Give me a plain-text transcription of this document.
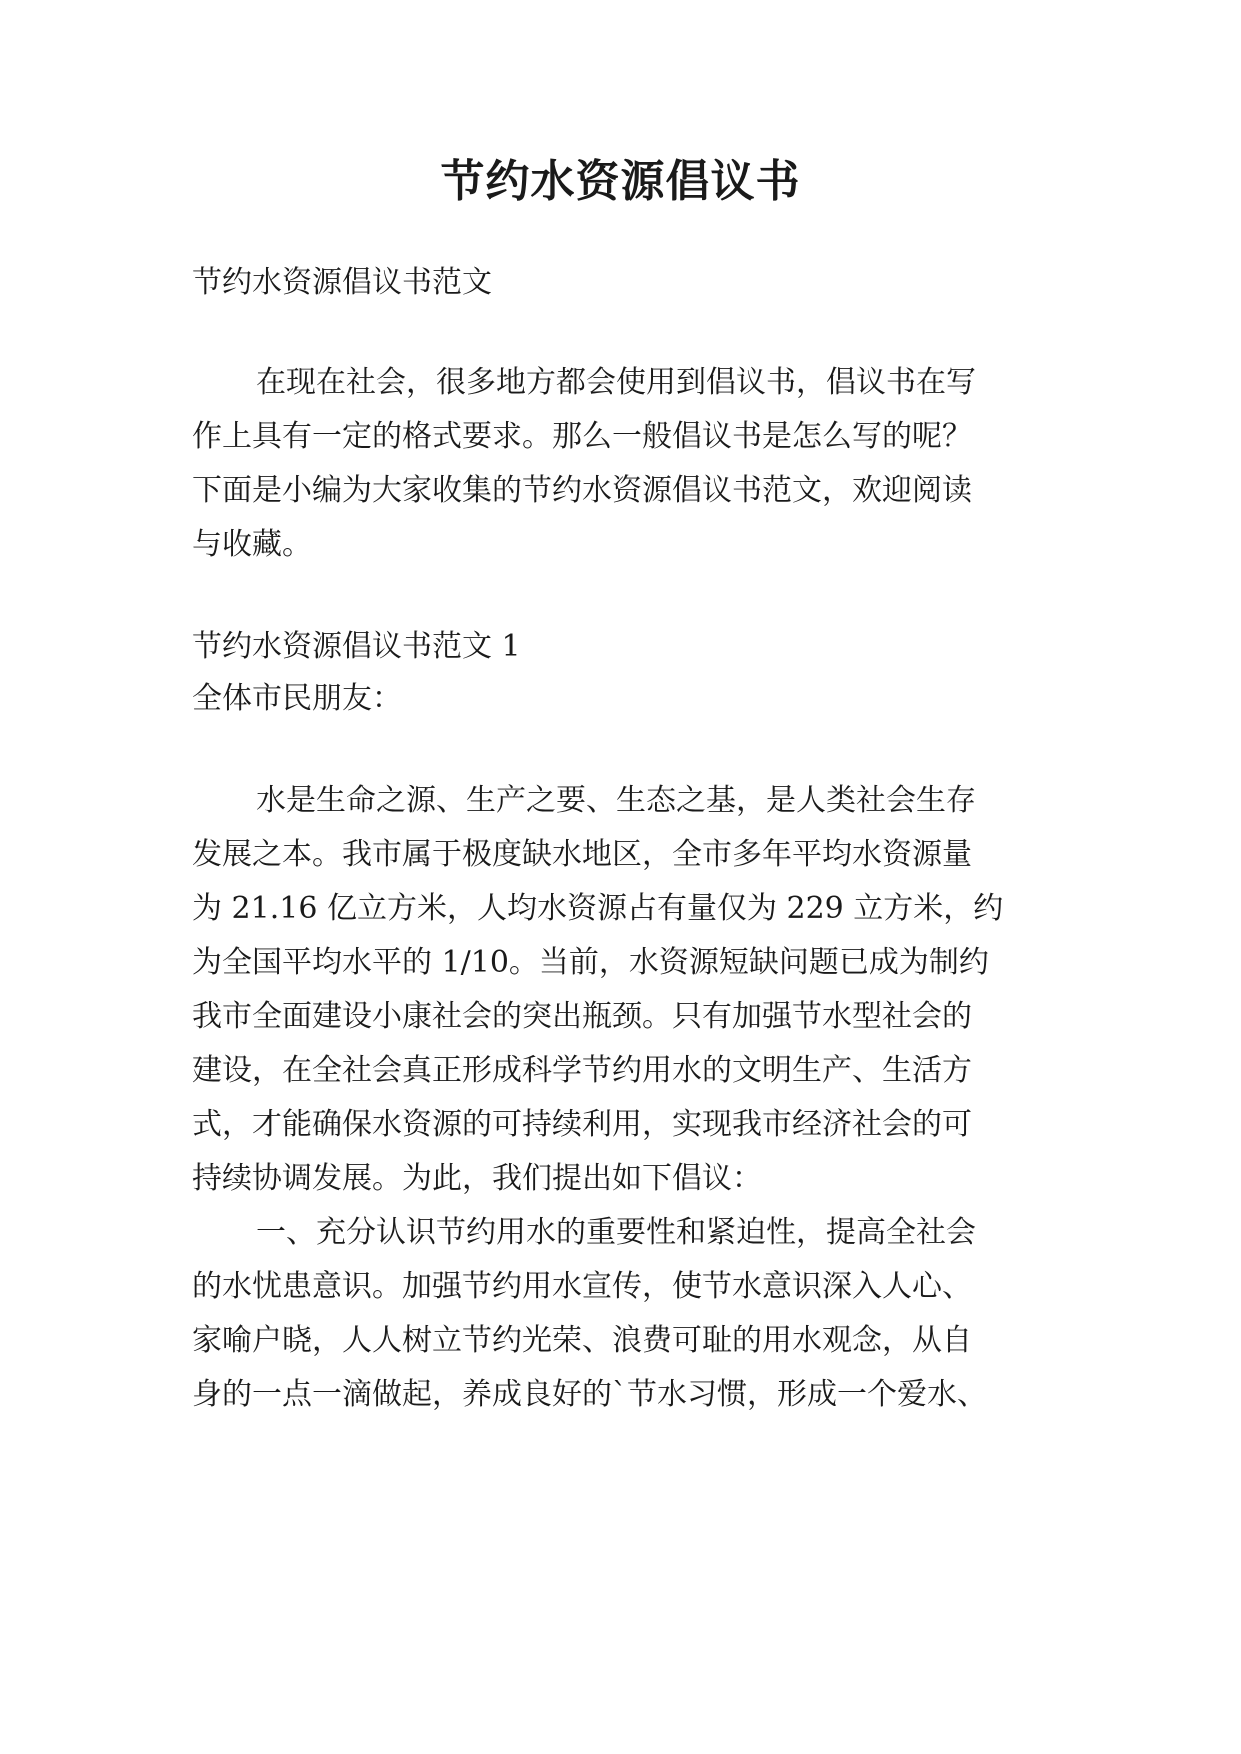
节约水资源倡议书

节约水资源倡议书范文

在现在社会，很多地方都会使用到倡议书，倡议书在写

作上具有一定的格式要求。那么一般倡议书是怎么写的呢？

下面是小编为大家收集的节约水资源倡议书范文，欢迎阅读

与收藏。

节约水资源倡议书范文 1

全体市民朋友：

水是生命之源、生产之要、生态之基，是人类社会生存

发展之本。我市属于极度缺水地区，全市多年平均水资源量

为 21.16 亿立方米，人均水资源占有量仅为 229 立方米，约

为全国平均水平的 1/10。当前，水资源短缺问题已成为制约

我市全面建设小康社会的突出瓶颈。只有加强节水型社会的

建设，在全社会真正形成科学节约用水的文明生产、生活方

式，才能确保水资源的可持续利用，实现我市经济社会的可

持续协调发展。为此，我们提出如下倡议：

一、充分认识节约用水的重要性和紧迫性，提高全社会

的水忧患意识。加强节约用水宣传，使节水意识深入人心、

家喻户晓，人人树立节约光荣、浪费可耻的用水观念，从自

身的一点一滴做起，养成良好的`节水习惯，形成一个爱水、
